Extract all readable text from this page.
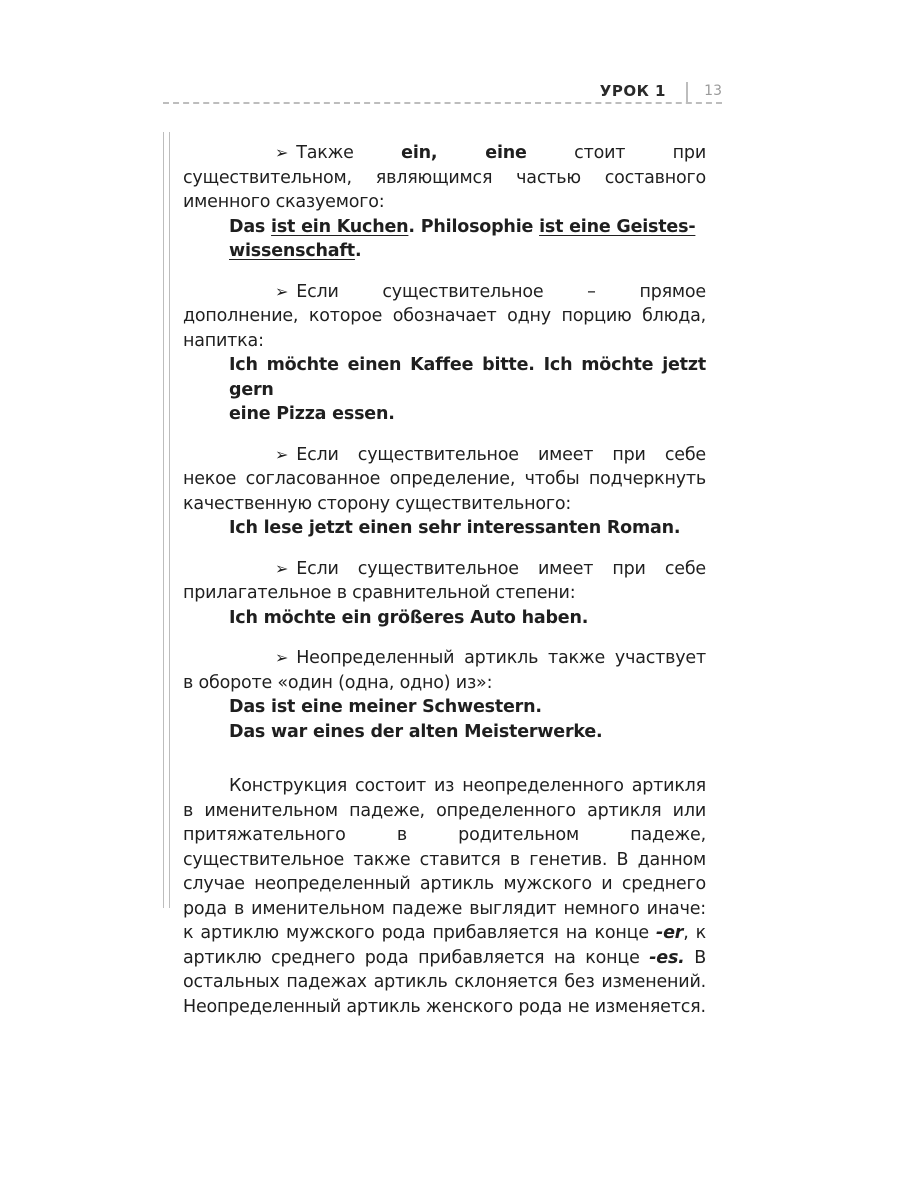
УРОК 1	13

➢ Также ein, eine стоит при существительном, являющимся частью составного именного сказуемого:

Das ist ein Kuchen. Philosophie ist eine Geistes-
wissenschaft.

➢ Если существительное – прямое дополнение, которое обозначает одну порцию блюда, напитка:

Ich möchte einen Kaffee bitte. Ich möchte jetzt gern
eine Pizza essen.

➢ Если существительное имеет при себе некое согласованное определение, чтобы подчеркнуть качественную сторону существительного:

Ich lese jetzt einen sehr interessanten Roman.

➢ Если существительное имеет при себе прилагательное в сравнительной степени:

Ich möchte ein größeres Auto haben.

➢ Неопределенный артикль также участвует в обороте «один (одна, одно) из»:

Das ist eine meiner Schwestern.
Das war eines der alten Meisterwerke.

Конструкция состоит из неопределенного артикля в именительном падеже, определенного артикля или притяжательного в родительном падеже, существительное также ставится в генетив. В данном случае неопределенный артикль мужского и среднего рода в именительном падеже выглядит немного иначе: к артиклю мужского рода прибавляется на конце -er, к артиклю среднего рода прибавляется на конце -es. В остальных падежах артикль склоняется без изменений. Неопределенный артикль женского рода не изменяется.
